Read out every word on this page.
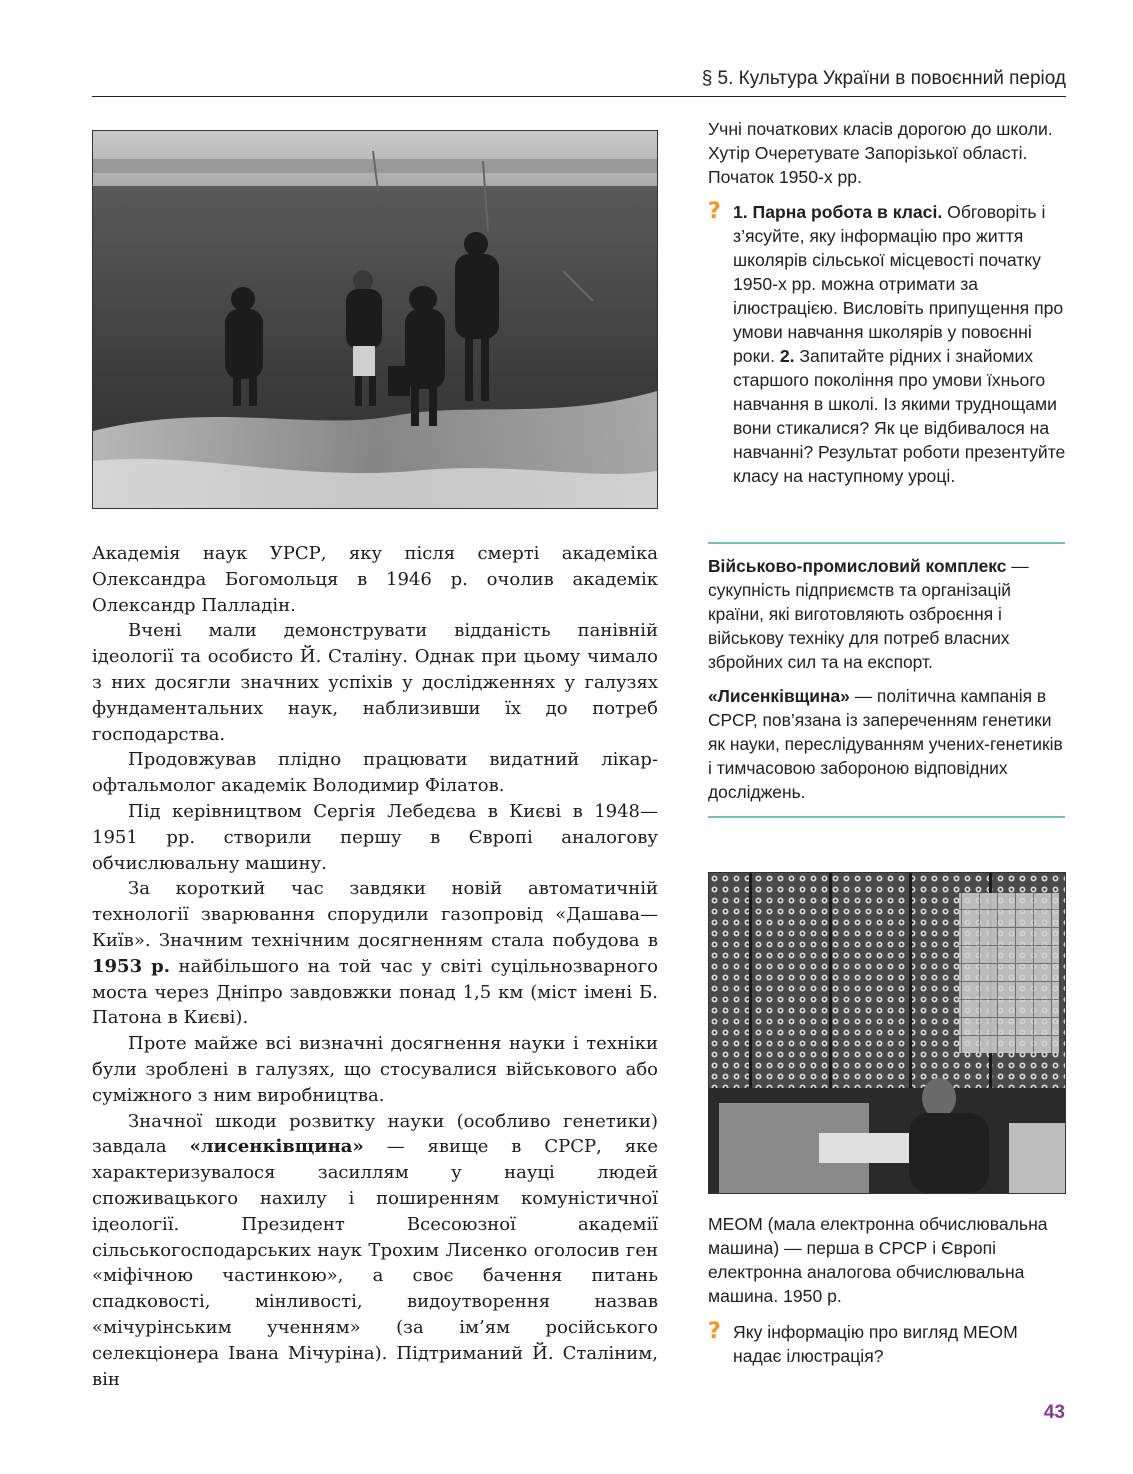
§ 5. Культура України в повоєнний період
Учні початкових класів дорогою до школи. Хутір Очеретувате Запорізької області. Початок 1950-х рр.
? 1. Парна робота в класі. Обговоріть і з’ясуйте, яку інформацію про життя школярів сільської місцевості початку 1950-х рр. можна отримати за ілюстрацією. Висловіть припущення про умови навчання школярів у повоєнні роки. 2. Запитайте рідних і знайомих старшого покоління про умови їхнього навчання в школі. Із якими труднощами вони стикалися? Як це відбивалося на навчанні? Результат роботи презентуйте класу на наступному уроці.

Військово-промисловий комплекс — сукупність підприємств та організацій країни, які виготовляють озброєння і військову техніку для потреб власних збройних сил та на експорт.

«Лисенківщина» — політична кампанія в СРСР, пов’язана із запереченням генетики як науки, переслідуванням учених-генетиків і тимчасовою забороною відповідних досліджень.

МЕОМ (мала електронна обчислювальна машина) — перша в СРСР і Європі електронна аналогова обчислювальна машина. 1950 р.
? Яку інформацію про вигляд МЕОМ надає ілюстрація?

Академія наук УРСР, яку після смерті академіка Олександра Богомольця в 1946 р. очолив академік Олександр Палладін.

Вчені мали демонструвати відданість панівній ідеології та особисто Й. Сталіну. Однак при цьому чимало з них досягли значних успіхів у дослідженнях у галузях фундаментальних наук, наблизивши їх до потреб господарства.

Продовжував плідно працювати видатний лікар-офтальмолог академік Володимир Філатов.

Під керівництвом Сергія Лебедєва в Києві в 1948—1951 рр. створили першу в Європі аналогову обчислювальну машину.

За короткий час завдяки новій автоматичній технології зварювання спорудили газопровід «Дашава—Київ». Значним технічним досягненням стала побудова в 1953 р. найбільшого на той час у світі суцільнозварного моста через Дніпро завдовжки понад 1,5 км (міст імені Б. Патона в Києві).

Проте майже всі визначні досягнення науки і техніки були зроблені в галузях, що стосувалися військового або суміжного з ним виробництва.

Значної шкоди розвитку науки (особливо генетики) завдала «лисенківщина» — явище в СРСР, яке характеризувалося засиллям у науці людей споживацького нахилу і поширенням комуністичної ідеології. Президент Всесоюзної академії сільськогосподарських наук Трохим Лисенко оголосив ген «міфічною частинкою», а своє бачення питань спадковості, мінливості, видоутворення назвав «мічурінським ученням» (за ім’ям російського селекціонера Івана Мічуріна). Підтриманий Й. Сталіним, він

43
